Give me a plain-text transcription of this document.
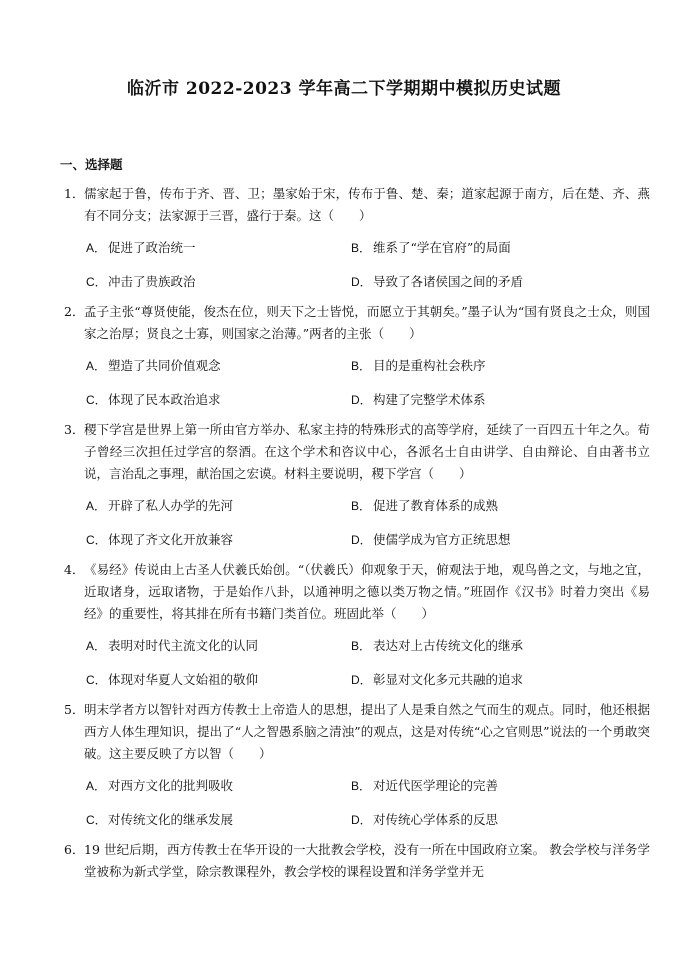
临沂市 2022-2023 学年高二下学期期中模拟历史试题
一、选择题
1． 儒家起于鲁，传布于齐、晋、卫；墨家始于宋，传布于鲁、楚、秦；道家起源于南方，后在楚、齐、燕有不同分支；法家源于三晋，盛行于秦。这（　　）
A． 促进了政治统一	B． 维系了“学在官府”的局面
C．冲击了贵族政治	D．导致了各诸侯国之间的矛盾
2． 孟子主张“尊贤使能，俊杰在位，则天下之士皆悦，而愿立于其朝矣。”墨子认为“国有贤良之士众，则国家之治厚；贤良之士寡，则国家之治薄。”两者的主张（　　）
A． 塑造了共同价值观念	B． 目的是重构社会秩序
C．体现了民本政治追求	D．构建了完整学术体系
3． 稷下学宫是世界上第一所由官方举办、私家主持的特殊形式的高等学府，延续了一百四五十年之久。荀子曾经三次担任过学宫的祭酒。在这个学术和咨议中心，各派名士自由讲学、自由辩论、自由著书立说，言治乱之事理，献治国之宏谟。材料主要说明，稷下学宫（　　）
A． 开辟了私人办学的先河	B． 促进了教育体系的成熟
C．体现了齐文化开放兼容	D．使儒学成为官方正统思想
4． 《易经》传说由上古圣人伏羲氏始创。“（伏羲氏）仰观象于天，俯观法于地，观鸟兽之文，与地之宜，近取诸身，远取诸物，于是始作八卦，以通神明之德以类万物之情。”班固作《汉书》时着力突出《易经》的重要性，将其排在所有书籍门类首位。班固此举（　　）
A． 表明对时代主流文化的认同	B． 表达对上古传统文化的继承
C．体现对华夏人文始祖的敬仰	D．彰显对文化多元共融的追求
5． 明末学者方以智针对西方传教士上帝造人的思想，提出了人是秉自然之气而生的观点。同时，他还根据西方人体生理知识，提出了“人之智愚系脑之清浊”的观点，这是对传统“心之官则思”说法的一个勇敢突破。这主要反映了方以智（　　）
A． 对西方文化的批判吸收	B． 对近代医学理论的完善
C．对传统文化的继承发展	D．对传统心学体系的反思
6． 19 世纪后期，西方传教士在华开设的一大批教会学校，没有一所在中国政府立案。 教会学校与洋务学堂被称为新式学堂，除宗教课程外，教会学校的课程设置和洋务学堂并无
